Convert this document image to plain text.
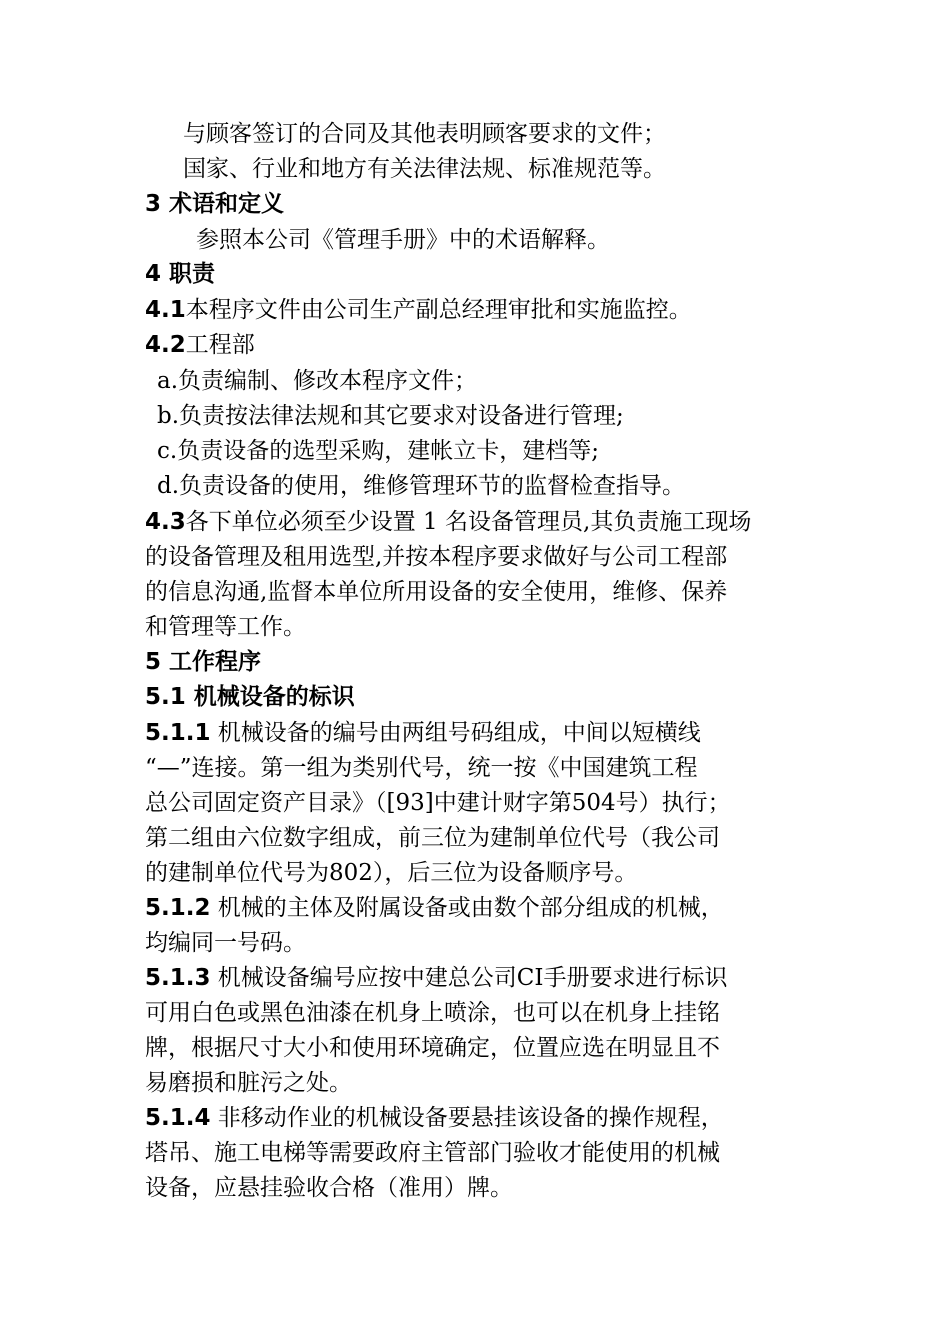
与顾客签订的合同及其他表明顾客要求的文件；
国家、行业和地方有关法律法规、标准规范等。
3 术语和定义
参照本公司《管理手册》中的术语解释。
4 职责
4.1本程序文件由公司生产副总经理审批和实施监控。
4.2工程部
a.负责编制、修改本程序文件；
b.负责按法律法规和其它要求对设备进行管理;
c.负责设备的选型采购，建帐立卡，建档等;
d.负责设备的使用，维修管理环节的监督检查指导。
4.3各下单位必须至少设置 1 名设备管理员,其负责施工现场
的设备管理及租用选型,并按本程序要求做好与公司工程部
的信息沟通,监督本单位所用设备的安全使用，维修、保养
和管理等工作。
5 工作程序
5.1 机械设备的标识
5.1.1 机械设备的编号由两组号码组成，中间以短横线
“—”连接。第一组为类别代号，统一按《中国建筑工程
总公司固定资产目录》（[93]中建计财字第504号）执行；
第二组由六位数字组成，前三位为建制单位代号（我公司
的建制单位代号为802），后三位为设备顺序号。
5.1.2 机械的主体及附属设备或由数个部分组成的机械，
均编同一号码。
5.1.3 机械设备编号应按中建总公司CI手册要求进行标识
可用白色或黑色油漆在机身上喷涂，也可以在机身上挂铭
牌，根据尺寸大小和使用环境确定，位置应选在明显且不
易磨损和脏污之处。
5.1.4 非移动作业的机械设备要悬挂该设备的操作规程，
塔吊、施工电梯等需要政府主管部门验收才能使用的机械
设备，应悬挂验收合格（准用）牌。
